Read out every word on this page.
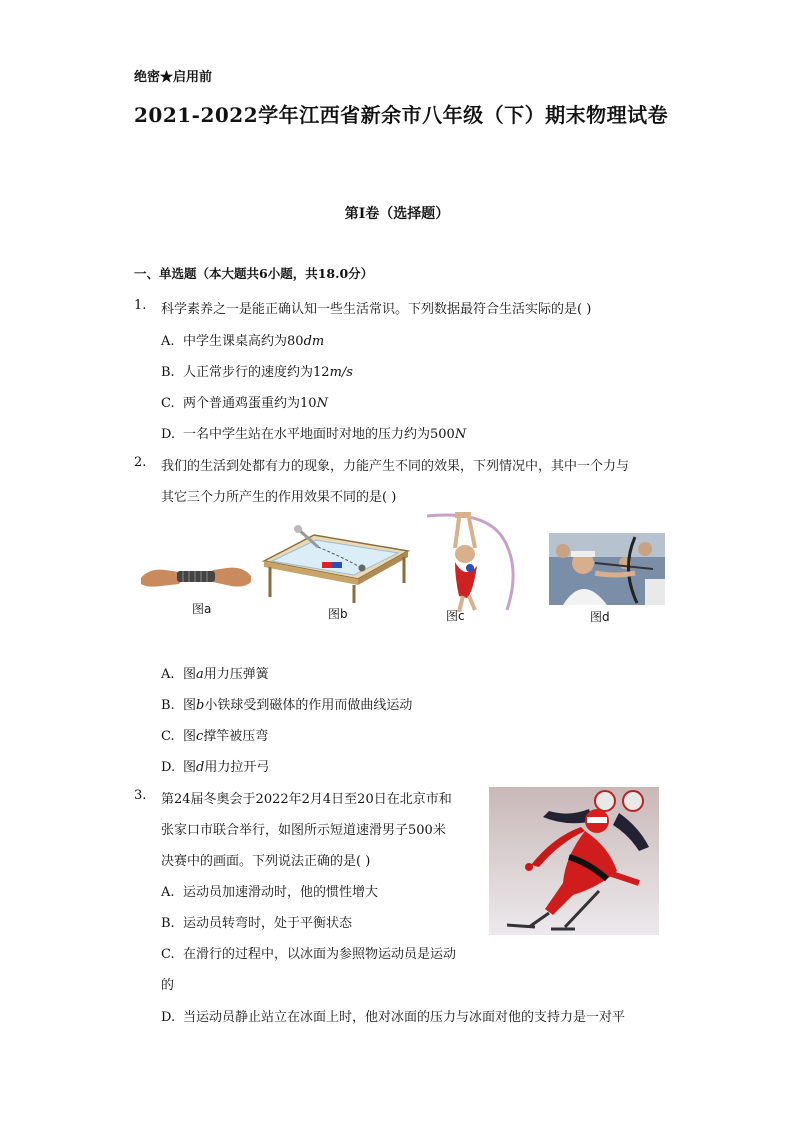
绝密★启用前
2021-2022学年江西省新余市八年级（下）期末物理试卷
第I卷（选择题）
一、单选题（本大题共6小题，共18.0分）
1. 科学素养之一是能正确认知一些生活常识。下列数据最符合生活实际的是( )
A. 中学生课桌高约为80dm
B. 人正常步行的速度约为12m/s
C. 两个普通鸡蛋重约为10N
D. 一名中学生站在水平地面时对地的压力约为500N
2. 我们的生活到处都有力的现象，力能产生不同的效果，下列情况中，其中一个力与
其它三个力所产生的作用效果不同的是( )
图a	图b	图c	图d
A. 图a用力压弹簧
B. 图b小铁球受到磁体的作用而做曲线运动
C. 图c撑竿被压弯
D. 图d用力拉开弓
3. 第24届冬奥会于2022年2月4日至20日在北京市和
张家口市联合举行，如图所示短道速滑男子500米
决赛中的画面。下列说法正确的是( )
A. 运动员加速滑动时，他的惯性增大
B. 运动员转弯时，处于平衡状态
C. 在滑行的过程中，以冰面为参照物运动员是运动
的
D. 当运动员静止站立在冰面上时，他对冰面的压力与冰面对他的支持力是一对平
